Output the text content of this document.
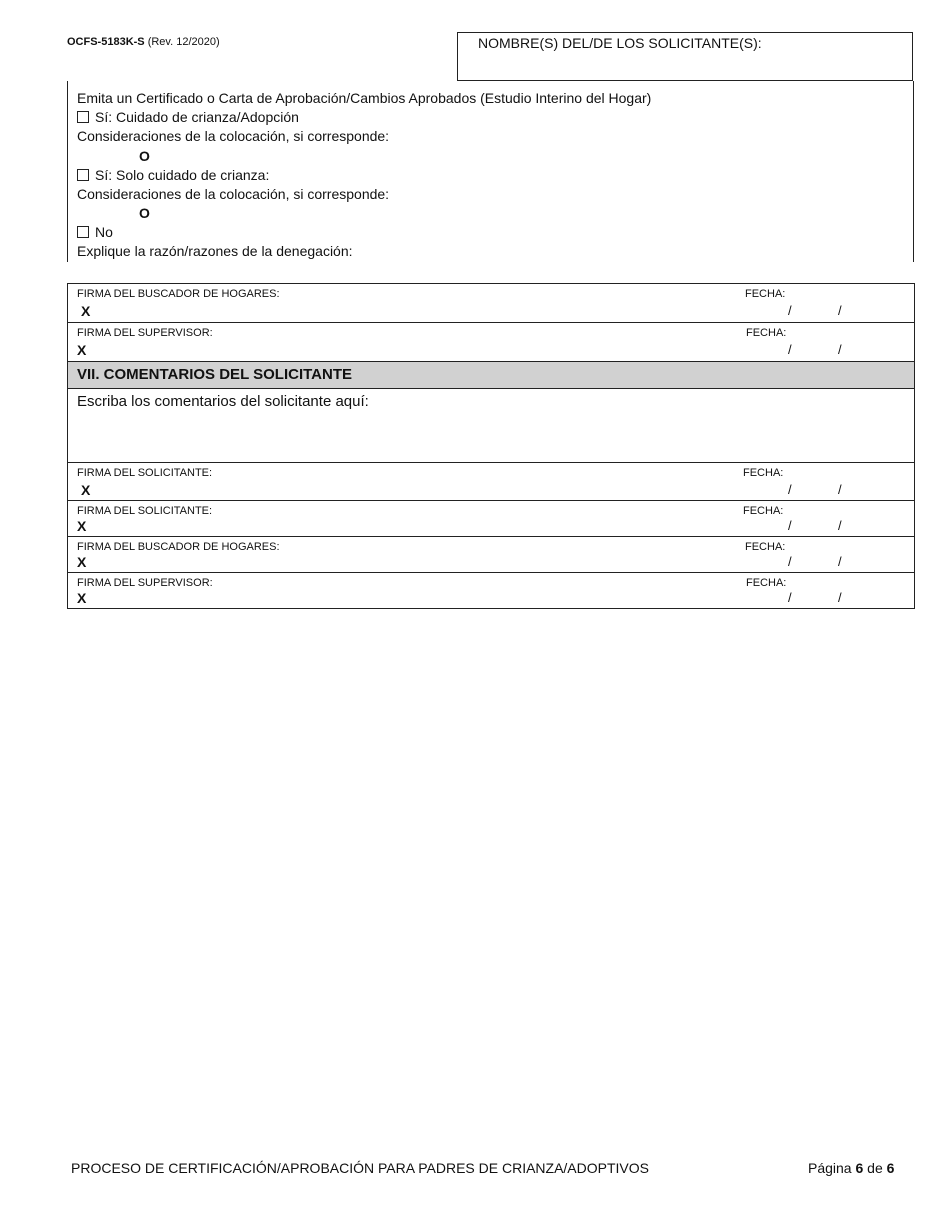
OCFS-5183K-S (Rev. 12/2020)	NOMBRE(S) DEL/DE LOS SOLICITANTE(S):
Emita un Certificado o Carta de Aprobación/Cambios Aprobados (Estudio Interino del Hogar)
Sí: Cuidado de crianza/Adopción
Consideraciones de la colocación, si corresponde:
O
Sí: Solo cuidado de crianza:
Consideraciones de la colocación, si corresponde:
O
No
Explique la razón/razones de la denegación:
FIRMA DEL BUSCADOR DE HOGARES:
X
FECHA:
/	/
FIRMA DEL SUPERVISOR:
X
FECHA:
/	/
VII. COMENTARIOS DEL SOLICITANTE
Escriba los comentarios del solicitante aquí:
FIRMA DEL SOLICITANTE:
X
FECHA:
/	/
FIRMA DEL SOLICITANTE:
X
FECHA:
/	/
FIRMA DEL BUSCADOR DE HOGARES:
X
FECHA:
/	/
FIRMA DEL SUPERVISOR:
X
FECHA:
/	/
PROCESO DE CERTIFICACIÓN/APROBACIÓN PARA PADRES DE CRIANZA/ADOPTIVOS	Página 6 de 6
